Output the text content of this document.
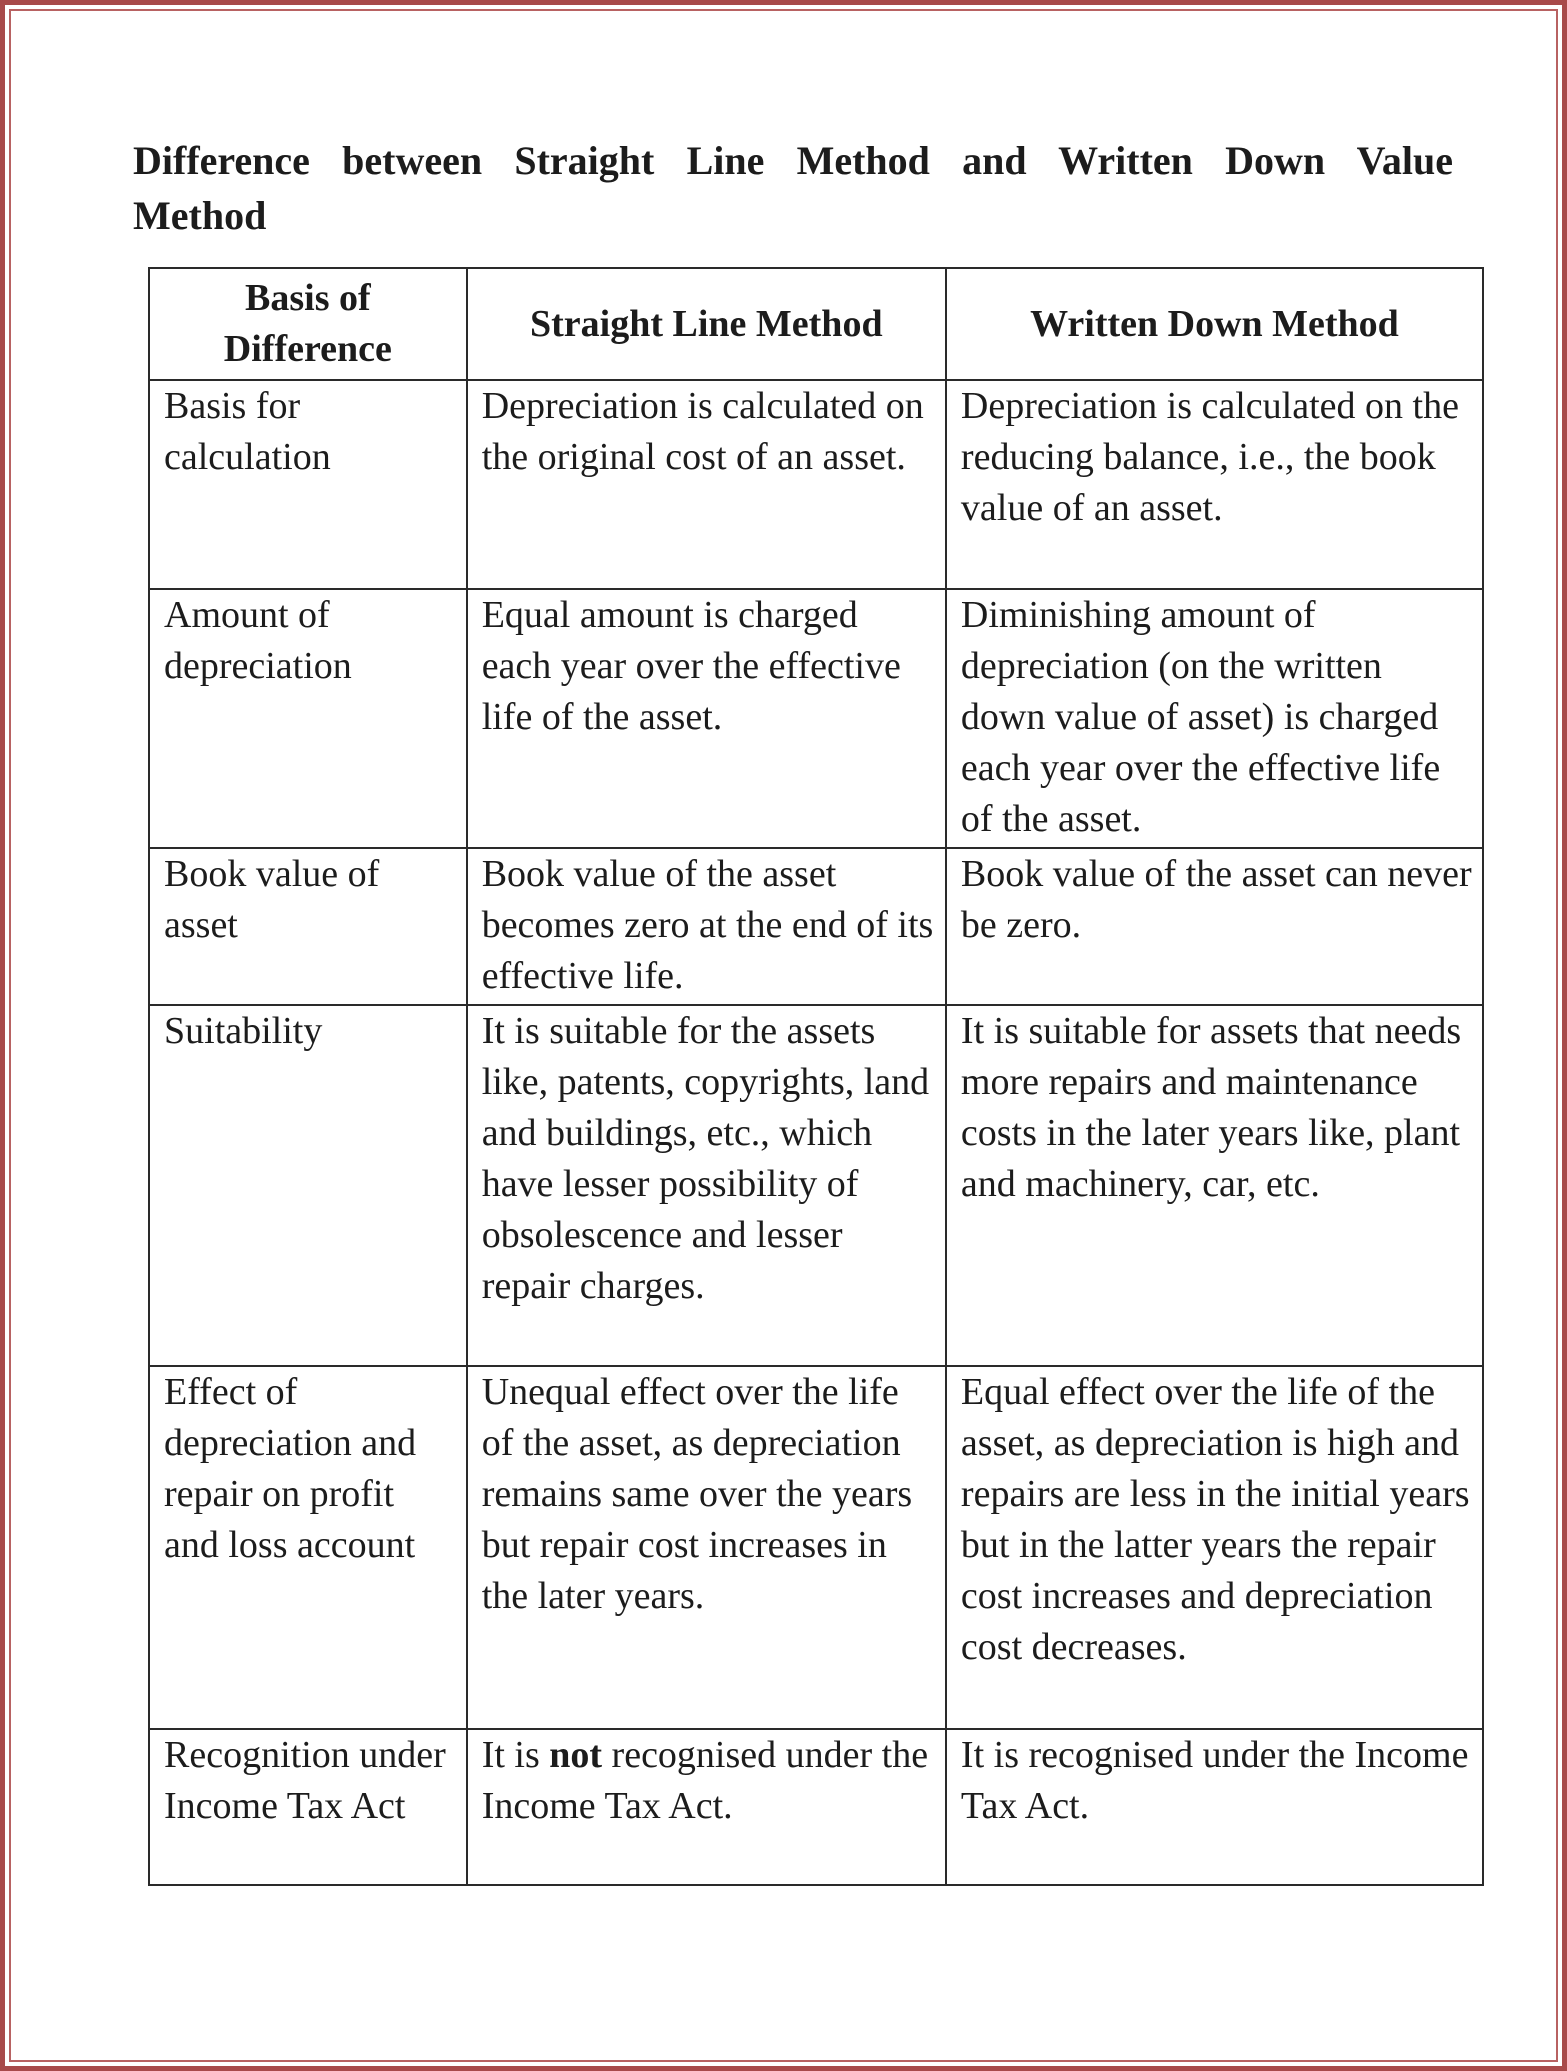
Difference between Straight Line Method and Written Down Value Method
Basis of Difference	Straight Line Method	Written Down Method
Basis for calculation	Depreciation is calculated on the original cost of an asset.	Depreciation is calculated on the reducing balance, i.e., the book value of an asset.
Amount of depreciation	Equal amount is charged each year over the effective life of the asset.	Diminishing amount of depreciation (on the written down value of asset) is charged each year over the effective life of the asset.
Book value of asset	Book value of the asset becomes zero at the end of its effective life.	Book value of the asset can never be zero.
Suitability	It is suitable for the assets like, patents, copyrights, land and buildings, etc., which have lesser possibility of obsolescence and lesser repair charges.	It is suitable for assets that needs more repairs and maintenance costs in the later years like, plant and machinery, car, etc.
Effect of depreciation and repair on profit and loss account	Unequal effect over the life of the asset, as depreciation remains same over the years but repair cost increases in the later years.	Equal effect over the life of the asset, as depreciation is high and repairs are less in the initial years but in the latter years the repair cost increases and depreciation cost decreases.
Recognition under Income Tax Act	It is not recognised under the Income Tax Act.	It is recognised under the Income Tax Act.
